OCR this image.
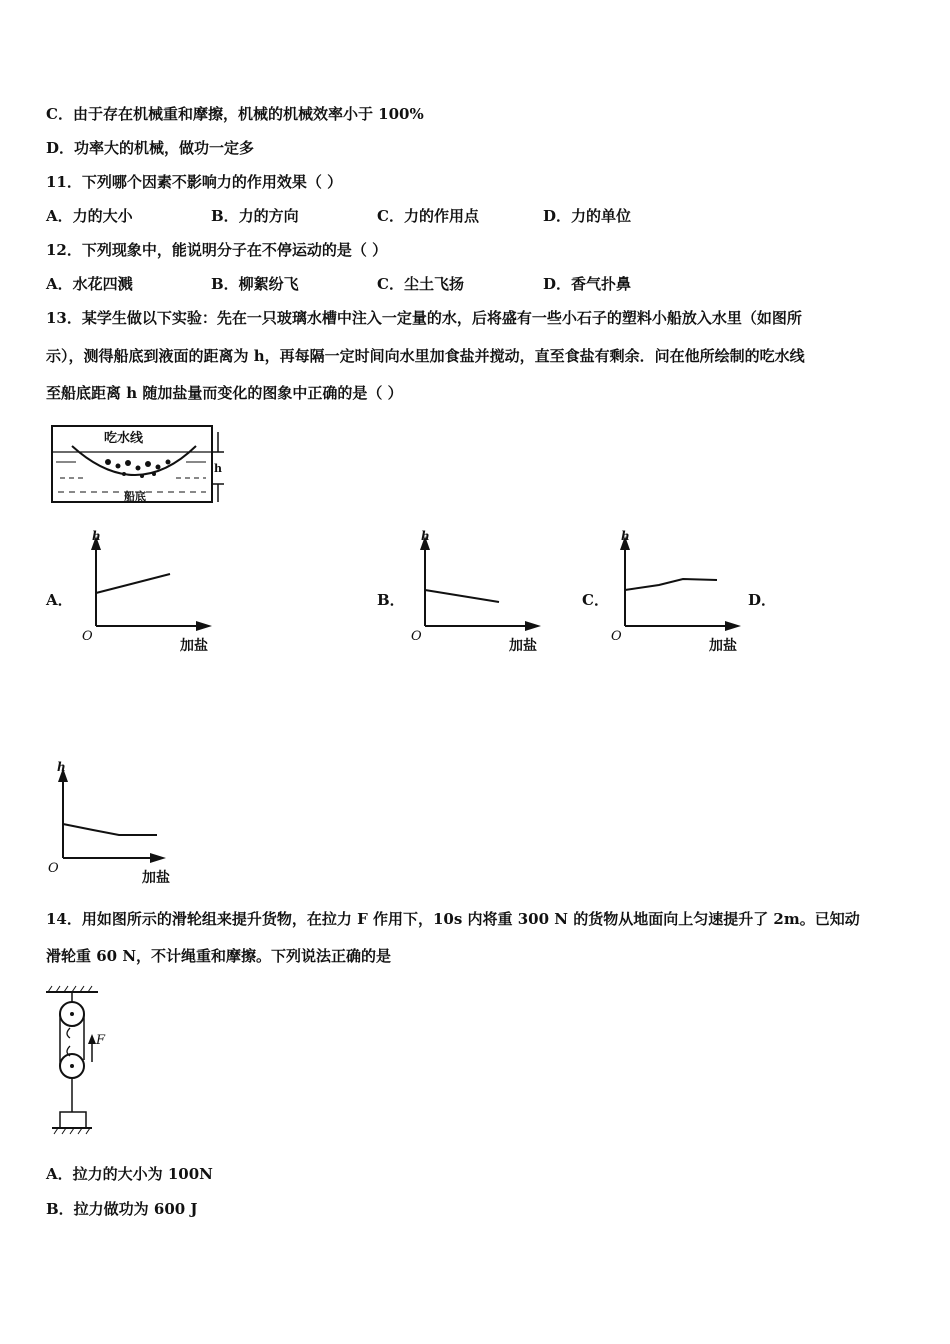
C．由于存在机械重和摩擦，机械的机械效率小于 100%
D．功率大的机械，做功一定多
11．下列哪个因素不影响力的作用效果（ ）
A．力的大小	B．力的方向	C．力的作用点	D．力的单位
12．下列现象中，能说明分子在不停运动的是（ ）
A．水花四溅	B．柳絮纷飞	C．尘土飞扬	D．香气扑鼻
13．某学生做以下实验：先在一只玻璃水槽中注入一定量的水，后将盛有一些小石子的塑料小船放入水里（如图所
示），测得船底到液面的距离为 h，再每隔一定时间向水里加食盐并搅动，直至食盐有剩余．问在他所绘制的吃水线
至船底距离 h 随加盐量而变化的图象中正确的是（ ）
吃水线
船底
h
A．	B．	C．	D．
h
O
加盐
h
O
加盐
h
O
加盐
h
O
加盐
14．用如图所示的滑轮组来提升货物，在拉力 F 作用下，10s 内将重 300 N 的货物从地面向上匀速提升了 2m。已知动
滑轮重 60 N，不计绳重和摩擦。下列说法正确的是
F
A．拉力的大小为 100N
B．拉力做功为 600 J
